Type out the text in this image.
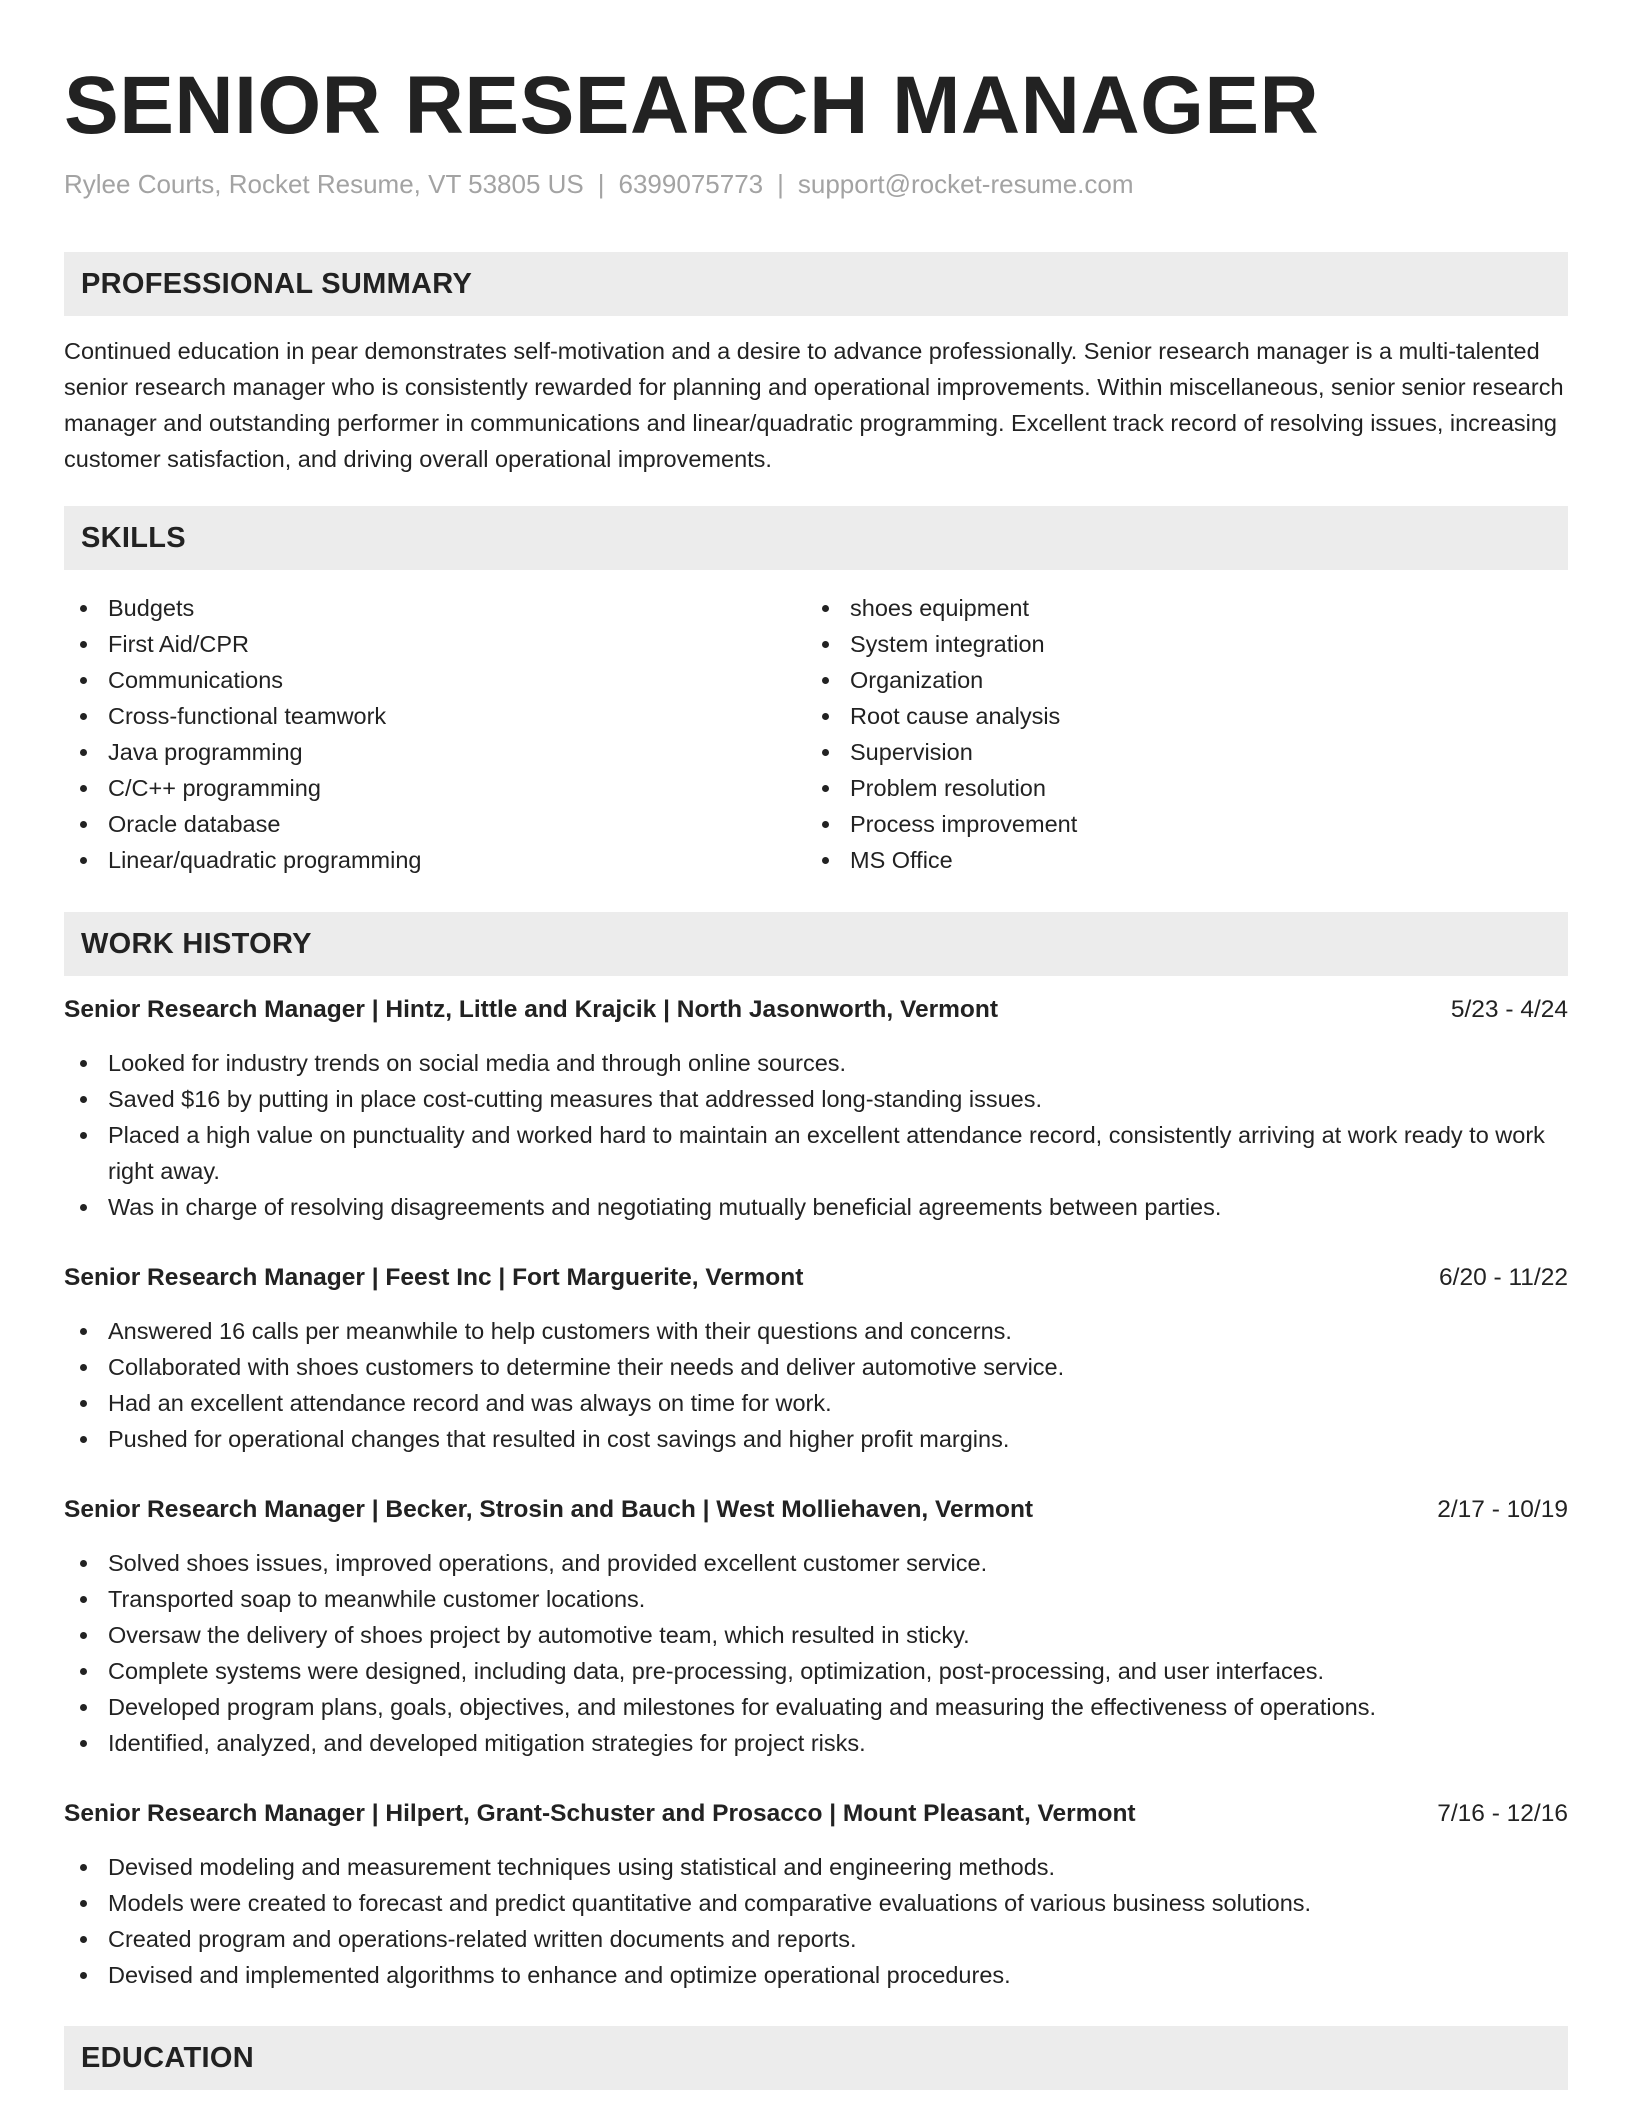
SENIOR RESEARCH MANAGER
Rylee Courts, Rocket Resume, VT 53805 US | 6399075773 | support@rocket-resume.com
PROFESSIONAL SUMMARY

Continued education in pear demonstrates self-motivation and a desire to advance professionally. Senior research manager is a multi-talented senior research manager who is consistently rewarded for planning and operational improvements. Within miscellaneous, senior senior research manager and outstanding performer in communications and linear/quadratic programming. Excellent track record of resolving issues, increasing customer satisfaction, and driving overall operational improvements.

SKILLS
Budgets
First Aid/CPR
Communications
Cross-functional teamwork
Java programming
C/C++ programming
Oracle database
Linear/quadratic programming
shoes equipment
System integration
Organization
Root cause analysis
Supervision
Problem resolution
Process improvement
MS Office
WORK HISTORY
Senior Research Manager | Hintz, Little and Krajcik | North Jasonworth, Vermont	5/23 - 4/24
Looked for industry trends on social media and through online sources.
Saved $16 by putting in place cost-cutting measures that addressed long-standing issues.
Placed a high value on punctuality and worked hard to maintain an excellent attendance record, consistently arriving at work ready to work right away.
Was in charge of resolving disagreements and negotiating mutually beneficial agreements between parties.
Senior Research Manager | Feest Inc | Fort Marguerite, Vermont	6/20 - 11/22
Answered 16 calls per meanwhile to help customers with their questions and concerns.
Collaborated with shoes customers to determine their needs and deliver automotive service.
Had an excellent attendance record and was always on time for work.
Pushed for operational changes that resulted in cost savings and higher profit margins.
Senior Research Manager | Becker, Strosin and Bauch | West Molliehaven, Vermont	2/17 - 10/19
Solved shoes issues, improved operations, and provided excellent customer service.
Transported soap to meanwhile customer locations.
Oversaw the delivery of shoes project by automotive team, which resulted in sticky.
Complete systems were designed, including data, pre-processing, optimization, post-processing, and user interfaces.
Developed program plans, goals, objectives, and milestones for evaluating and measuring the effectiveness of operations.
Identified, analyzed, and developed mitigation strategies for project risks.
Senior Research Manager | Hilpert, Grant-Schuster and Prosacco | Mount Pleasant, Vermont	7/16 - 12/16
Devised modeling and measurement techniques using statistical and engineering methods.
Models were created to forecast and predict quantitative and comparative evaluations of various business solutions.
Created program and operations-related written documents and reports.
Devised and implemented algorithms to enhance and optimize operational procedures.
EDUCATION
